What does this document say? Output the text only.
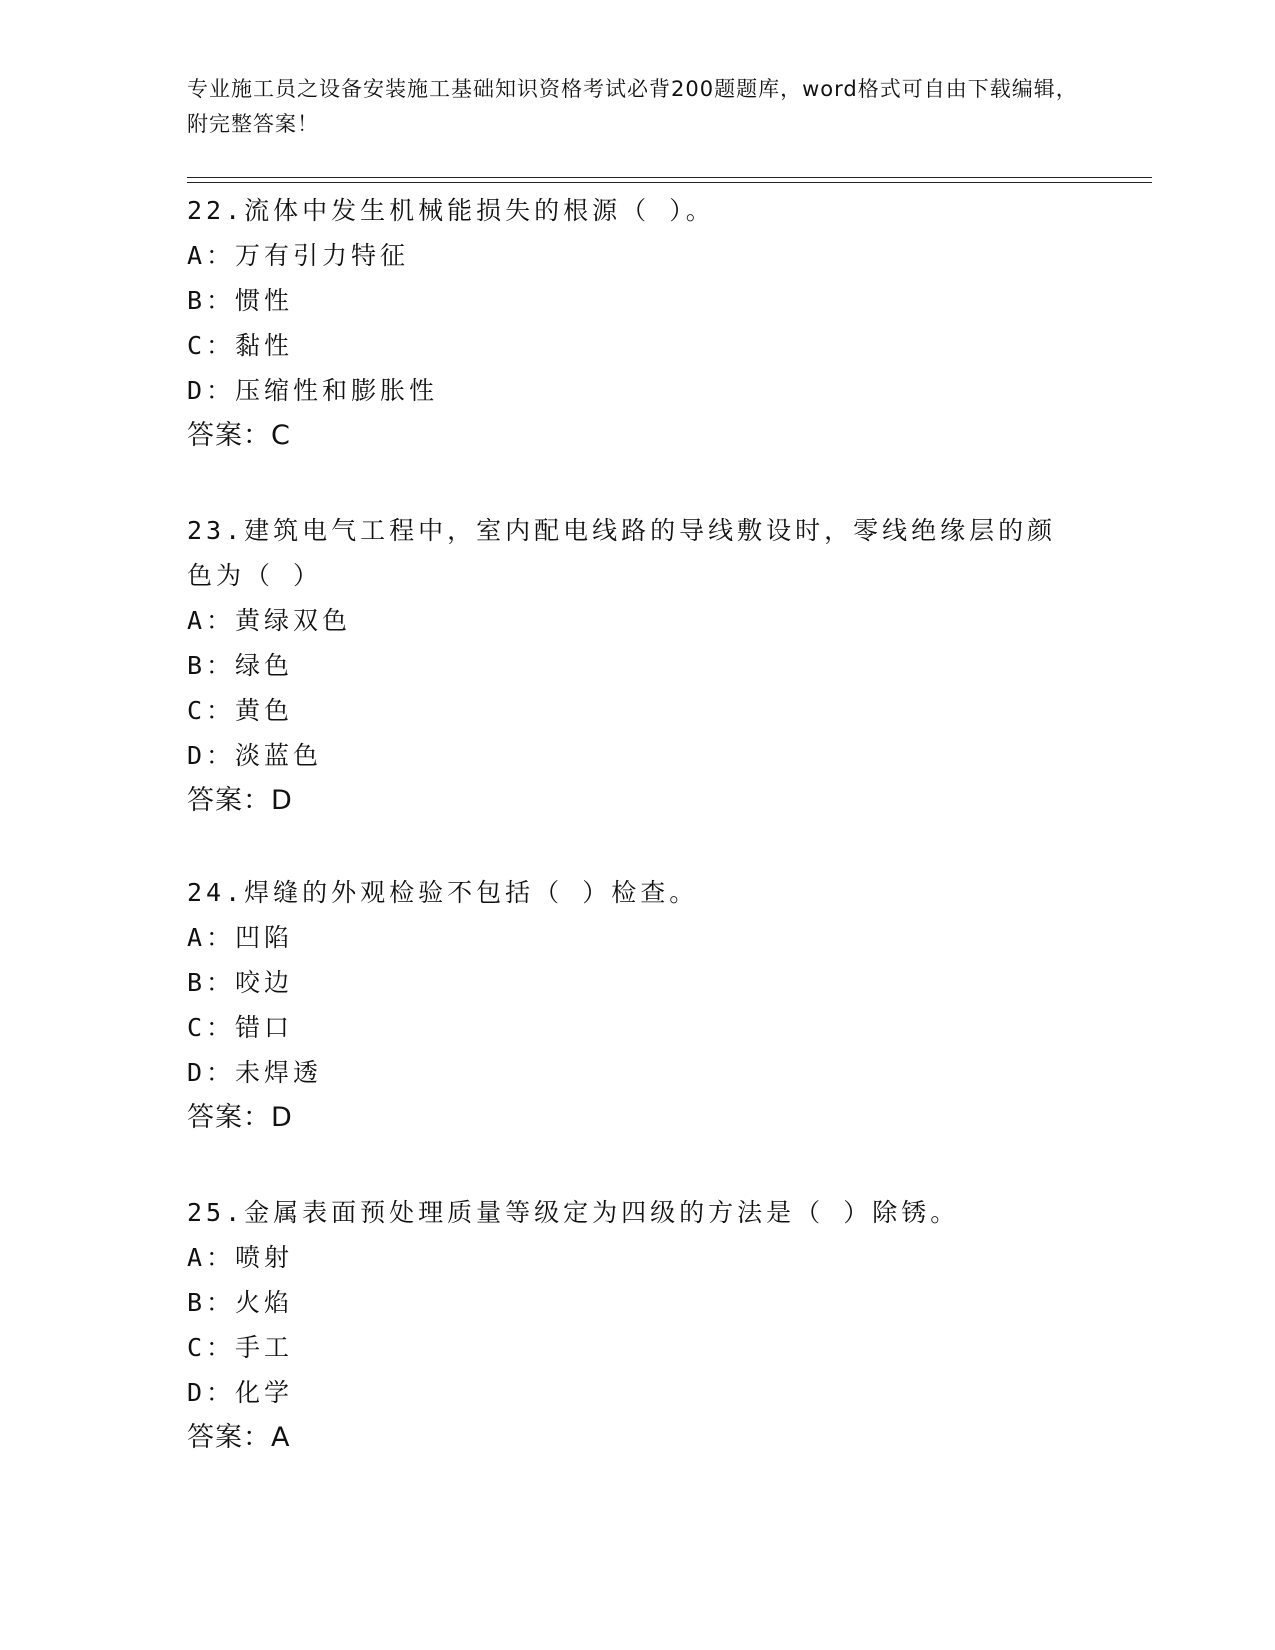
专业施工员之设备安装施工基础知识资格考试必背200题题库，word格式可自由下载编辑，附完整答案！

22.流体中发生机械能损失的根源（ ）。

A：万有引力特征

B：惯性

C：黏性

D：压缩性和膨胀性

答案：C

23.建筑电气工程中，室内配电线路的导线敷设时，零线绝缘层的颜色为（ ）

A：黄绿双色

B：绿色

C：黄色

D：淡蓝色

答案：D

24.焊缝的外观检验不包括（ ）检查。

A：凹陷

B：咬边

C：错口

D：未焊透

答案：D

25.金属表面预处理质量等级定为四级的方法是（ ）除锈。

A：喷射

B：火焰

C：手工

D：化学

答案：A
